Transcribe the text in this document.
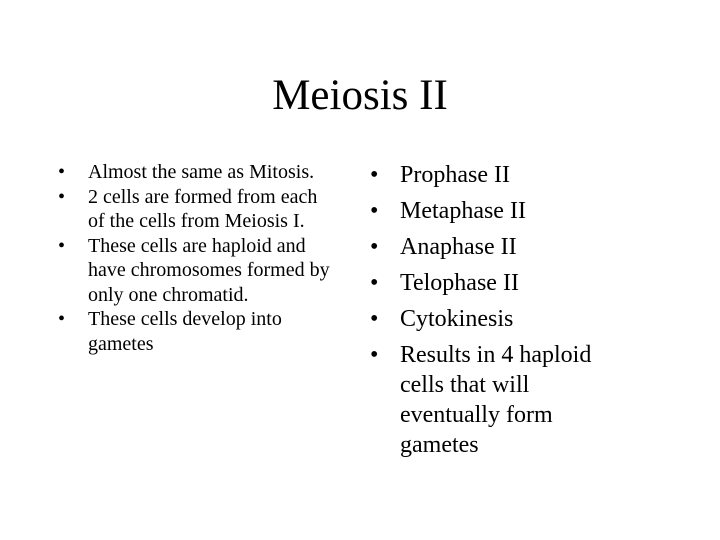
Meiosis II
• Almost the same as Mitosis.
• 2 cells are formed from each of the cells from Meiosis I.
• These cells are haploid and have chromosomes formed by only one chromatid.
• These cells develop into gametes
• Prophase II
• Metaphase II
• Anaphase II
• Telophase II
• Cytokinesis
• Results in 4 haploid cells that will eventually form gametes
